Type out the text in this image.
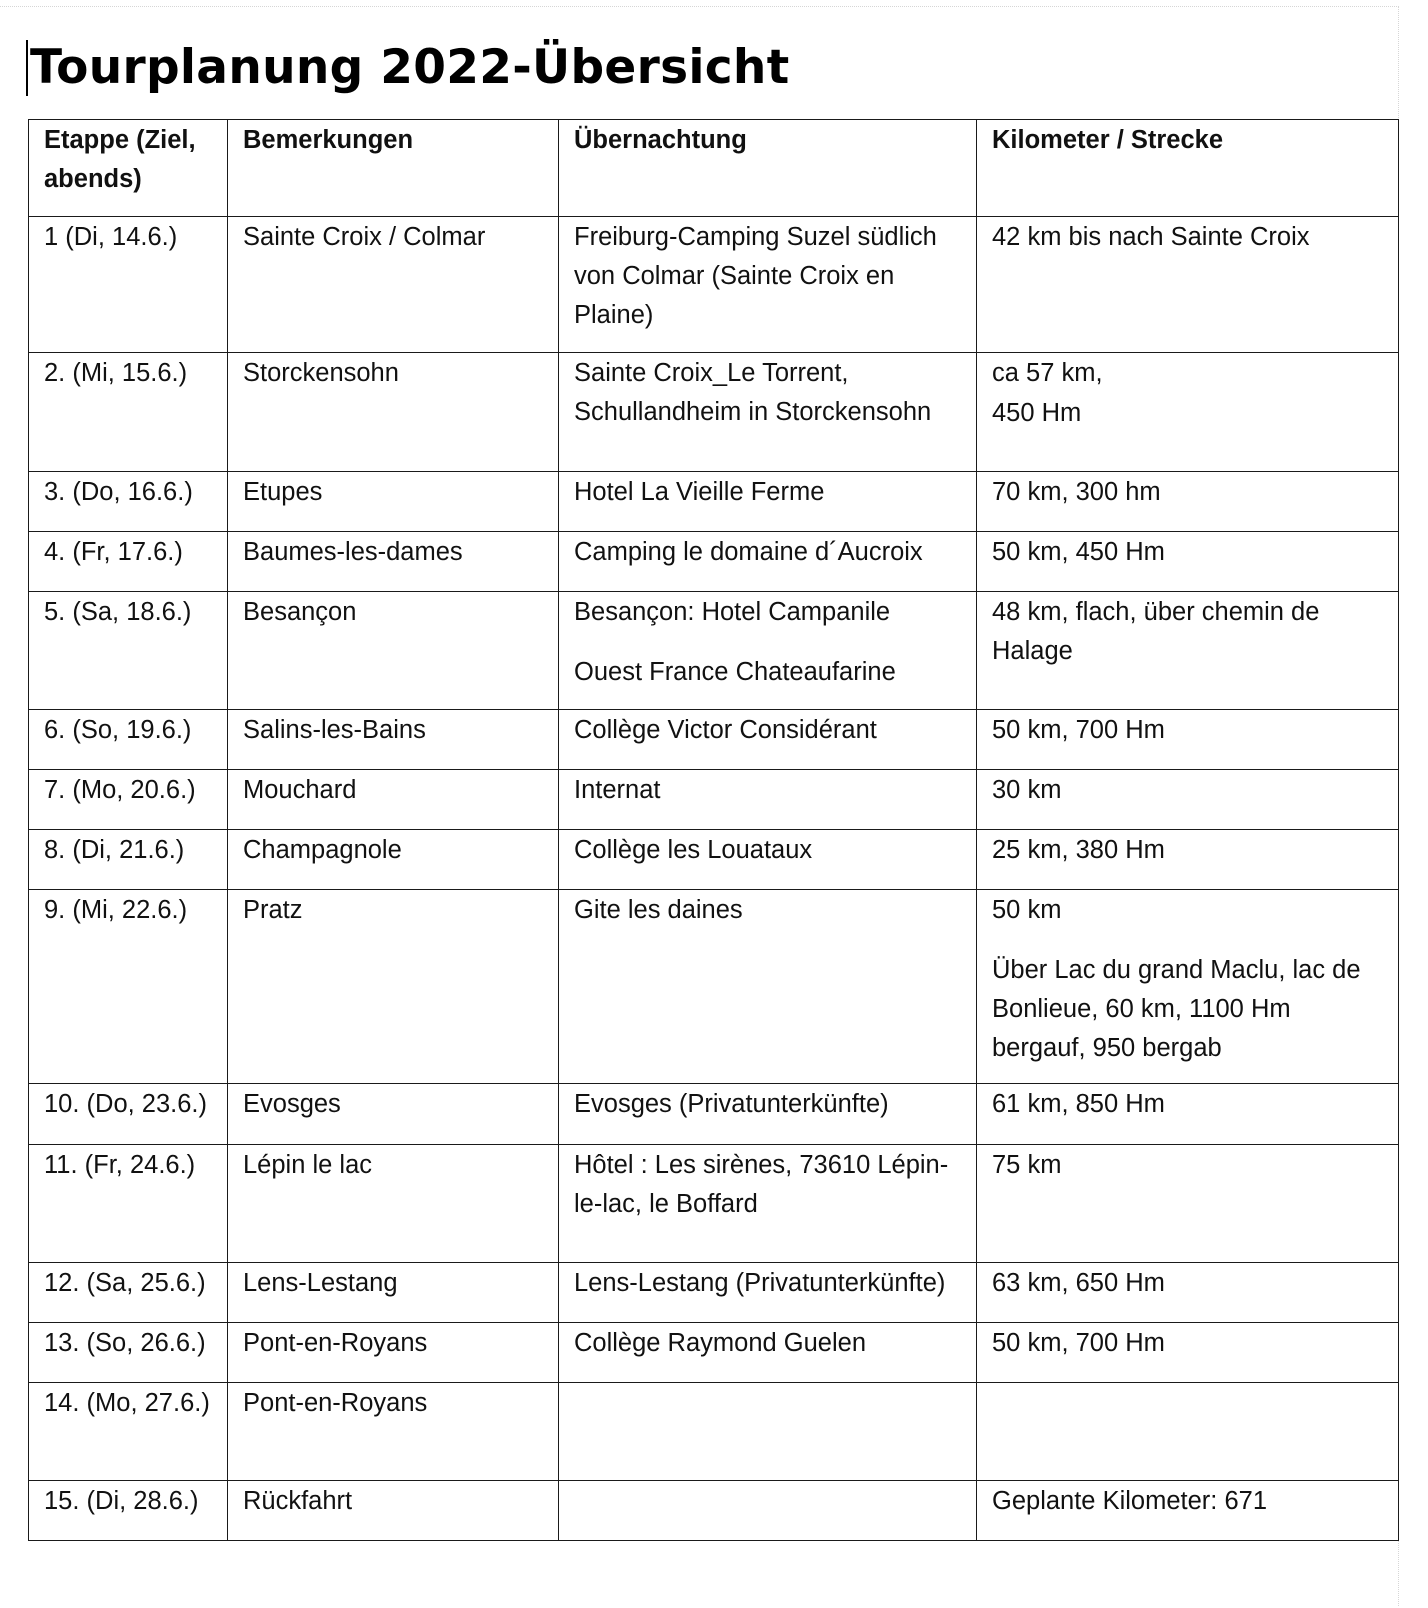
Tourplanung 2022-Übersicht
Etappe (Ziel, abends)	Bemerkungen	Übernachtung	Kilometer / Strecke
1 (Di, 14.6.)	Sainte Croix / Colmar	Freiburg-Camping Suzel südlich von Colmar (Sainte Croix en Plaine)	42 km bis nach Sainte Croix
2. (Mi, 15.6.)	Storckensohn	Sainte Croix_Le Torrent, Schullandheim in Storckensohn	ca 57 km,
450 Hm

3. (Do, 16.6.)	Etupes	Hotel La Vieille Ferme	70 km, 300 hm
4. (Fr, 17.6.)	Baumes-les-dames	Camping le domaine d´Aucroix	50 km, 450 Hm
5. (Sa, 18.6.)	Besançon	Besançon: Hotel Campanile
Ouest France Chateaufarine	48 km, flach, über chemin de Halage
6. (So, 19.6.)	Salins-les-Bains	Collège Victor Considérant	50 km, 700 Hm
7. (Mo, 20.6.)	Mouchard	Internat	30 km
8. (Di, 21.6.)	Champagnole	Collège les Louataux	25 km, 380 Hm
9. (Mi, 22.6.)	Pratz	Gite les daines	50 km
Über Lac du grand Maclu, lac de Bonlieue, 60 km, 1100 Hm bergauf, 950 bergab

10. (Do, 23.6.)	Evosges	Evosges (Privatunterkünfte)	61 km, 850 Hm
11. (Fr, 24.6.)	Lépin le lac	Hôtel : Les sirènes, 73610 Lépin-le-lac, le Boffard	75 km
12. (Sa, 25.6.)	Lens-Lestang	Lens-Lestang (Privatunterkünfte)	63 km, 650 Hm
13. (So, 26.6.)	Pont-en-Royans	Collège Raymond Guelen	50 km, 700 Hm
14. (Mo, 27.6.)	Pont-en-Royans		
15. (Di, 28.6.)	Rückfahrt		Geplante Kilometer: 671
